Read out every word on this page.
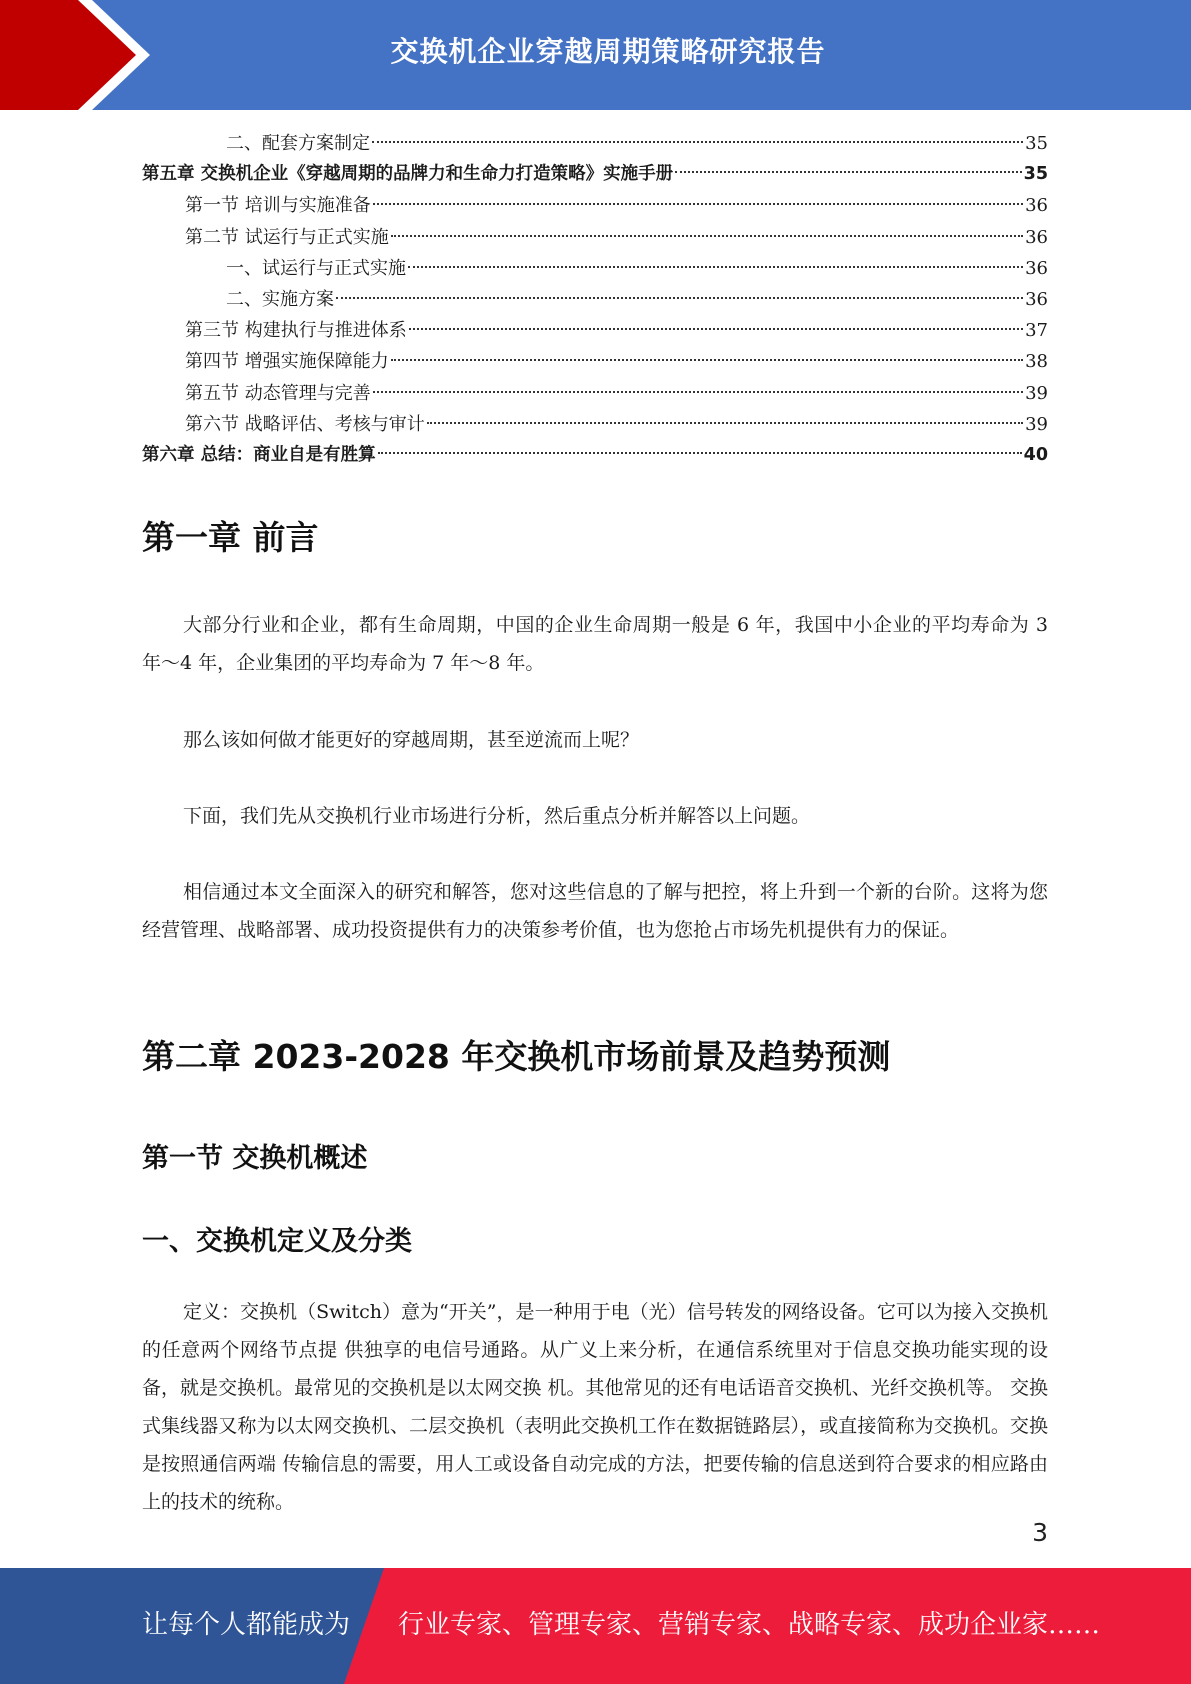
交换机企业穿越周期策略研究报告
二、配套方案制定	35
第五章 交换机企业《穿越周期的品牌力和生命力打造策略》实施手册	35
第一节 培训与实施准备	36
第二节 试运行与正式实施	36
一、试运行与正式实施	36
二、实施方案	36
第三节 构建执行与推进体系	37
第四节 增强实施保障能力	38
第五节 动态管理与完善	39
第六节 战略评估、考核与审计	39
第六章 总结：商业自是有胜算	40
第一章 前言
大部分行业和企业，都有生命周期，中国的企业生命周期一般是 6 年，我国中小企业的平均寿命为 3 年～4 年，企业集团的平均寿命为 7 年～8 年。
那么该如何做才能更好的穿越周期，甚至逆流而上呢？
下面，我们先从交换机行业市场进行分析，然后重点分析并解答以上问题。
相信通过本文全面深入的研究和解答，您对这些信息的了解与把控，将上升到一个新的台阶。这将为您经营管理、战略部署、成功投资提供有力的决策参考价值，也为您抢占市场先机提供有力的保证。
第二章 2023-2028 年交换机市场前景及趋势预测
第一节 交换机概述
一、交换机定义及分类
定义：交换机（Switch）意为“开关”，是一种用于电（光）信号转发的网络设备。它可以为接入交换机的任意两个网络节点提 供独享的电信号通路。从广义上来分析，在通信系统里对于信息交换功能实现的设备，就是交换机。最常见的交换机是以太网交换 机。其他常见的还有电话语音交换机、光纤交换机等。 交换式集线器又称为以太网交换机、二层交换机（表明此交换机工作在数据链路层），或直接简称为交换机。交换是按照通信两端 传输信息的需要，用人工或设备自动完成的方法，把要传输的信息送到符合要求的相应路由上的技术的统称。
3
让每个人都能成为 行业专家、管理专家、营销专家、战略专家、成功企业家……
